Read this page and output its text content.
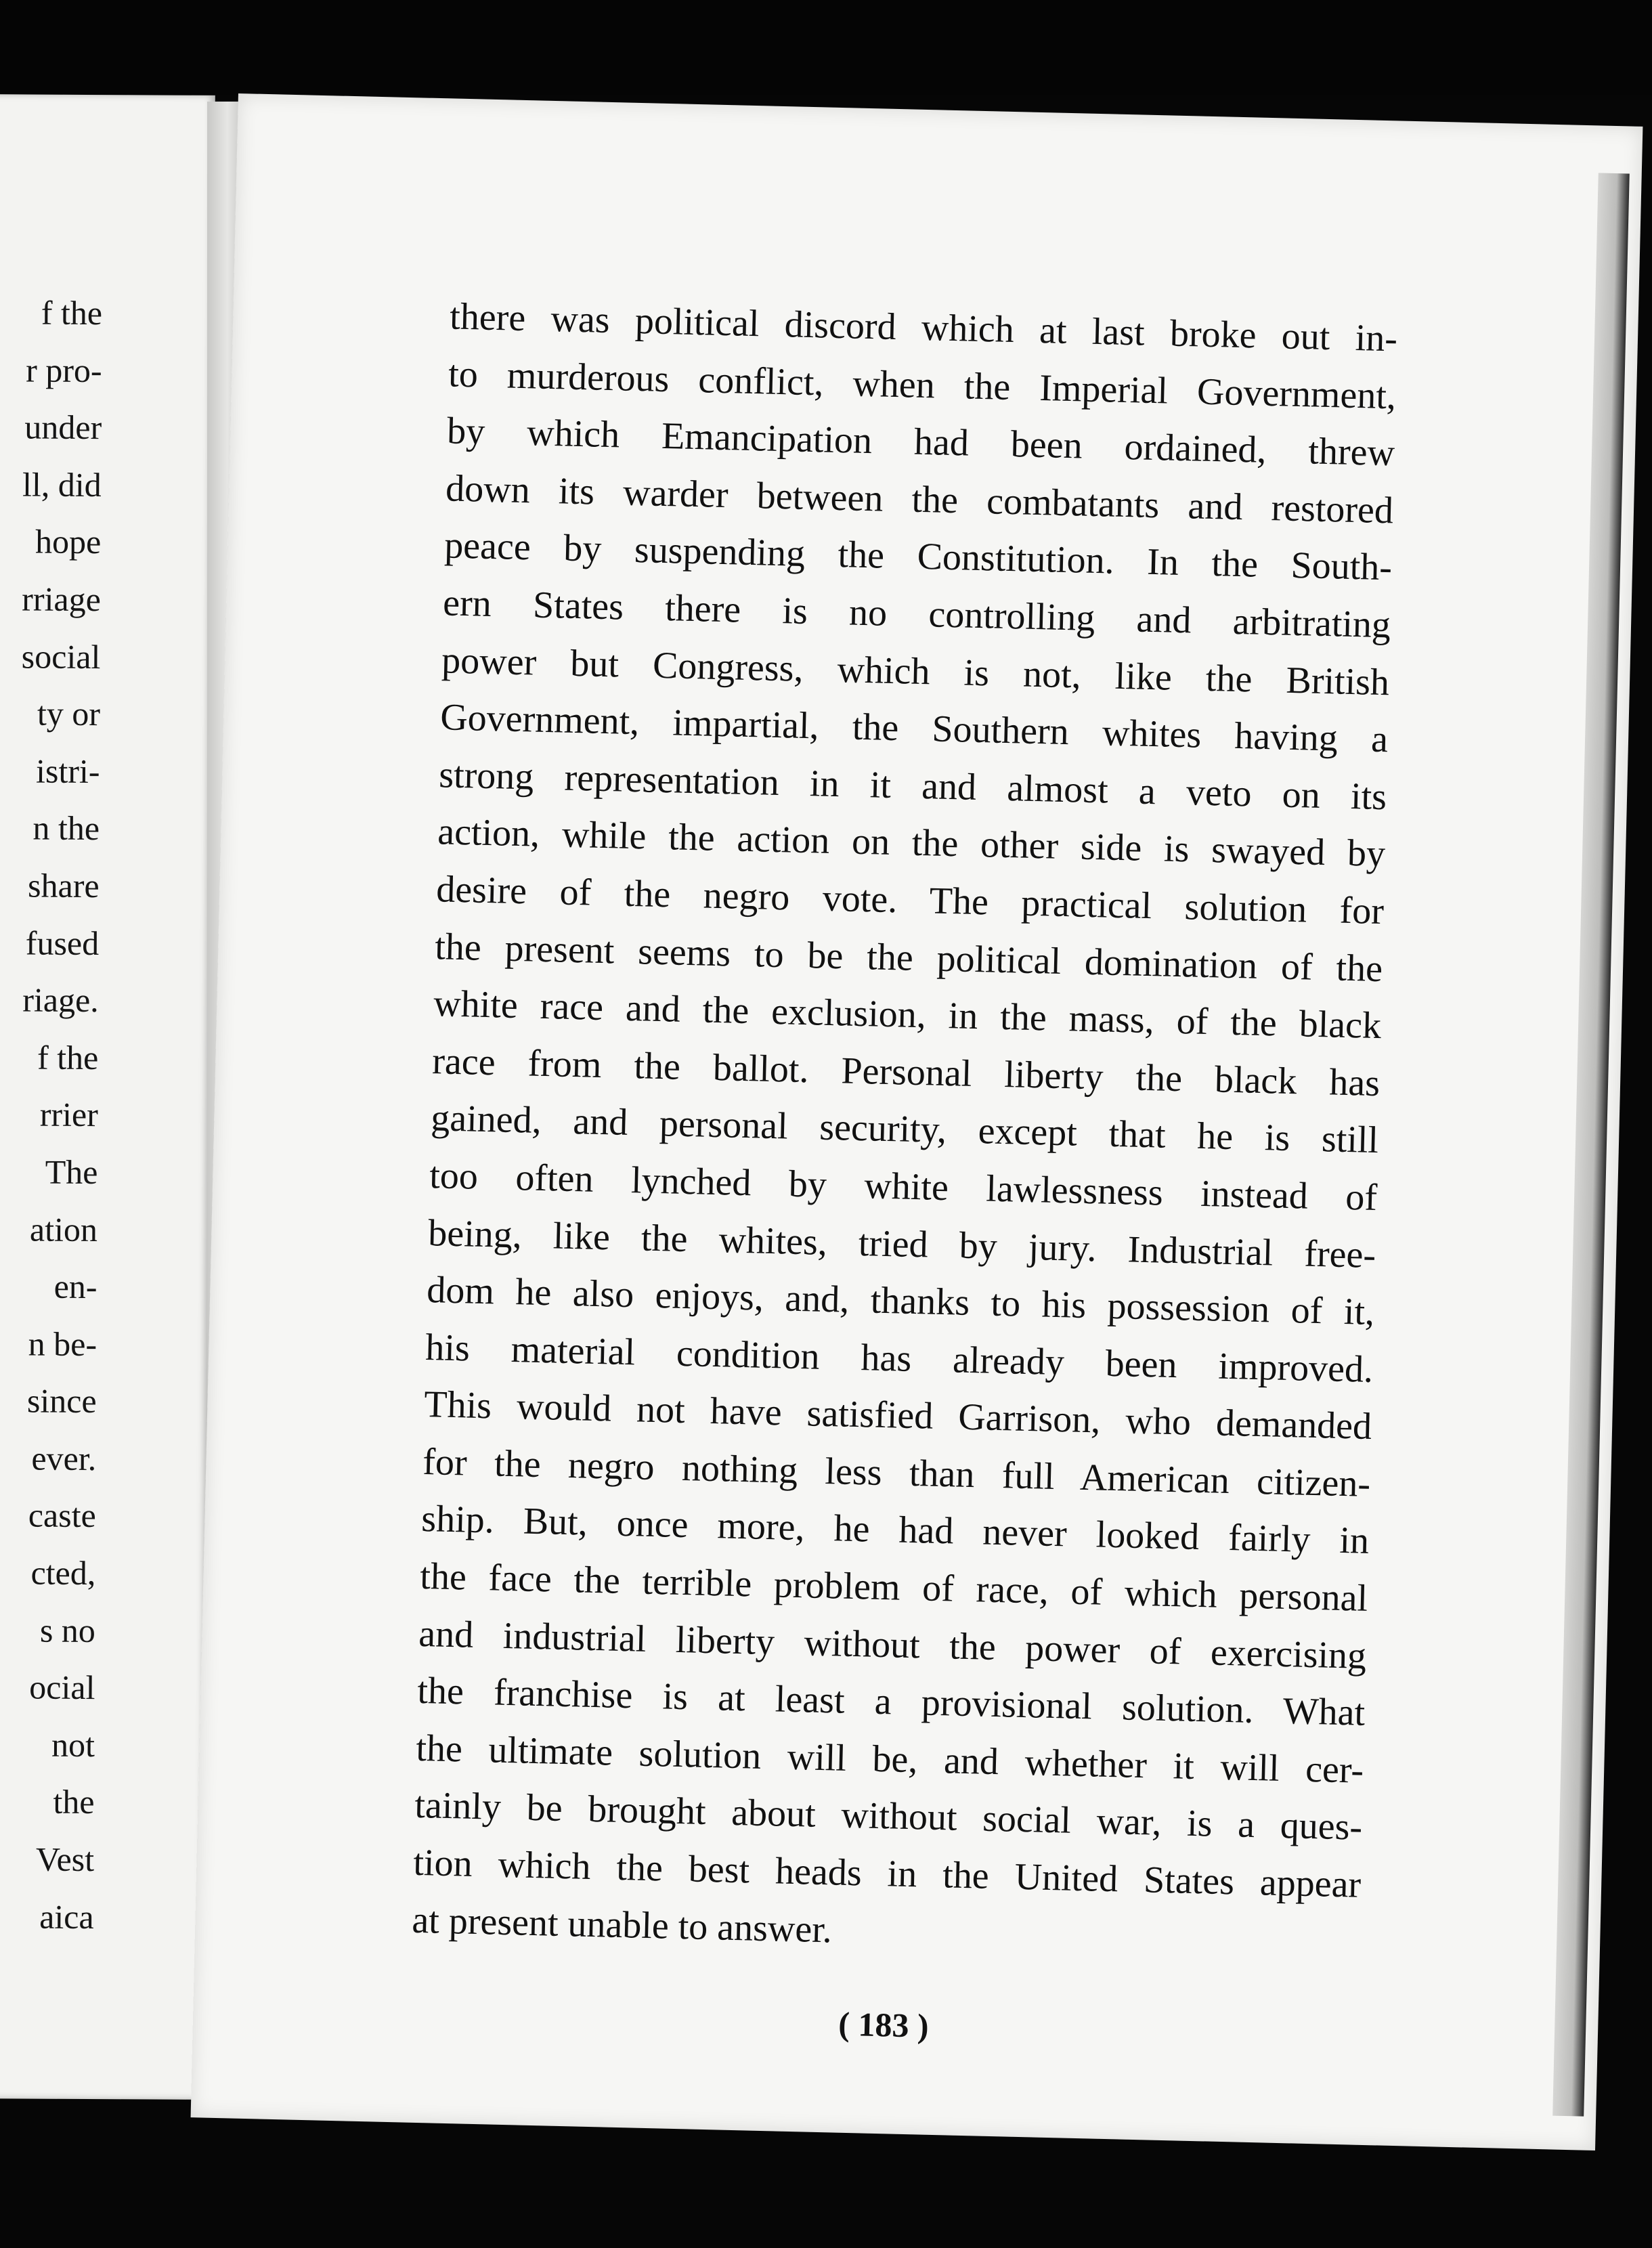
f the
r pro-
under
ll, did
hope
rriage
social
ty or
istri-
n the
share
fused
riage.
f the
rrier
The
ation
en-
n be-
since
ever.
caste
cted,
s no
ocial
not
the
Vest
aica
there was political discord which at last broke out in-
to murderous conflict, when the Imperial Government,
by which Emancipation had been ordained, threw
down its warder between the combatants and restored
peace by suspending the Constitution. In the South-
ern States there is no controlling and arbitrating
power but Congress, which is not, like the British
Government, impartial, the Southern whites having a
strong representation in it and almost a veto on its
action, while the action on the other side is swayed by
desire of the negro vote. The practical solution for
the present seems to be the political domination of the
white race and the exclusion, in the mass, of the black
race from the ballot. Personal liberty the black has
gained, and personal security, except that he is still
too often lynched by white lawlessness instead of
being, like the whites, tried by jury. Industrial free-
dom he also enjoys, and, thanks to his possession of it,
his material condition has already been improved.
This would not have satisfied Garrison, who demanded
for the negro nothing less than full American citizen-
ship. But, once more, he had never looked fairly in
the face the terrible problem of race, of which personal
and industrial liberty without the power of exercising
the franchise is at least a provisional solution. What
the ultimate solution will be, and whether it will cer-
tainly be brought about without social war, is a ques-
tion which the best heads in the United States appear
at present unable to answer.
( 183 )
